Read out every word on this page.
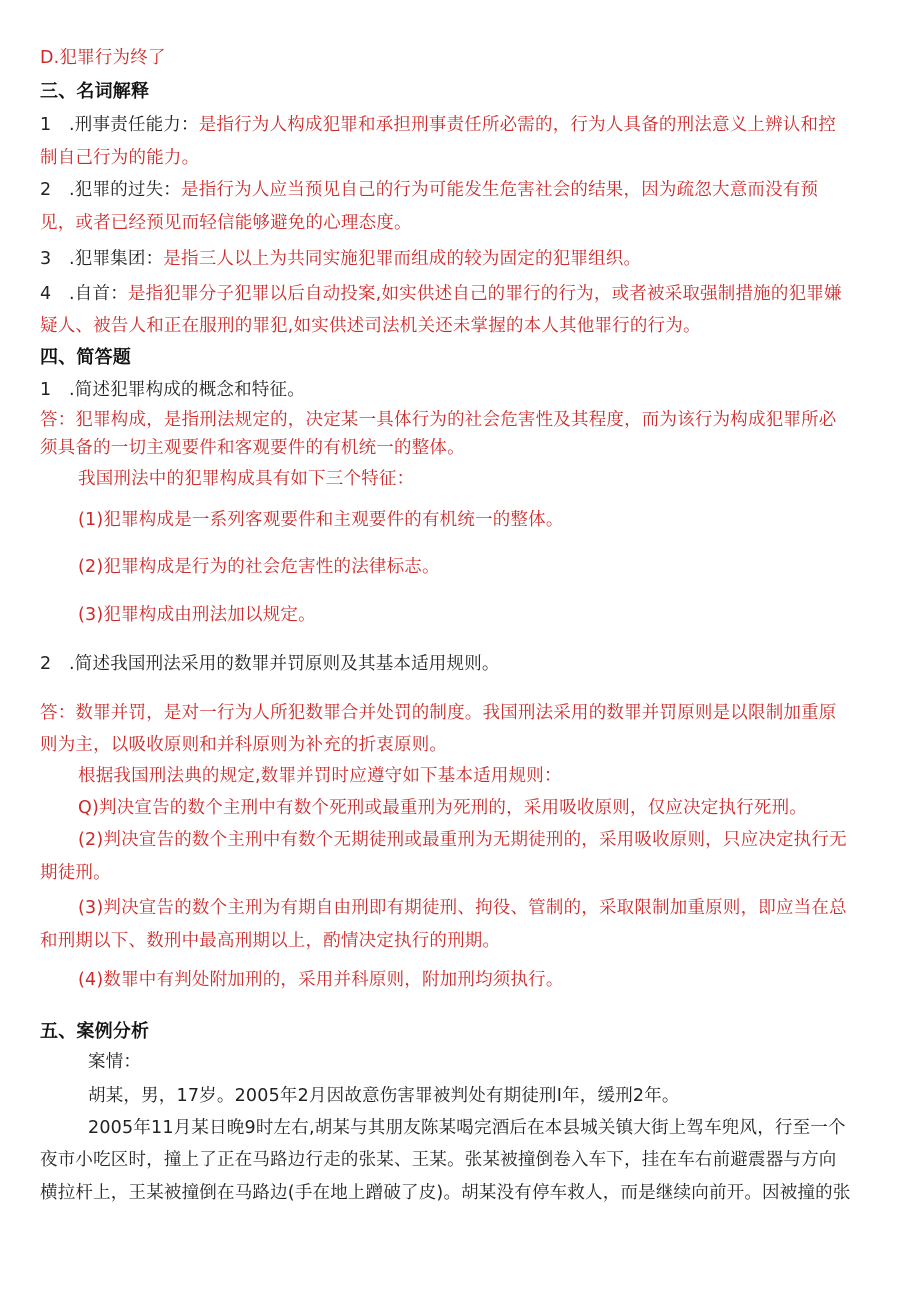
D.犯罪行为终了
三、名词解释
1　.刑事责任能力：是指行为人构成犯罪和承担刑事责任所必需的，行为人具备的刑法意义上辨认和控
制自己行为的能力。
2　.犯罪的过失：是指行为人应当预见自己的行为可能发生危害社会的结果，因为疏忽大意而没有预
见，或者已经预见而轻信能够避免的心理态度。
3　.犯罪集团：是指三人以上为共同实施犯罪而组成的较为固定的犯罪组织。
4　.自首：是指犯罪分子犯罪以后自动投案,如实供述自己的罪行的行为，或者被采取强制措施的犯罪嫌
疑人、被告人和正在服刑的罪犯,如实供述司法机关还未掌握的本人其他罪行的行为。
四、简答题
1　.简述犯罪构成的概念和特征。
答：犯罪构成，是指刑法规定的，决定某一具体行为的社会危害性及其程度，而为该行为构成犯罪所必
须具备的一切主观要件和客观要件的有机统一的整体。
我国刑法中的犯罪构成具有如下三个特征：
(1)犯罪构成是一系列客观要件和主观要件的有机统一的整体。
(2)犯罪构成是行为的社会危害性的法律标志。
(3)犯罪构成由刑法加以规定。
2　.简述我国刑法采用的数罪并罚原则及其基本适用规则。
答：数罪并罚，是对一行为人所犯数罪合并处罚的制度。我国刑法采用的数罪并罚原则是以限制加重原
则为主，以吸收原则和并科原则为补充的折衷原则。
根据我国刑法典的规定,数罪并罚时应遵守如下基本适用规则：
Q)判决宣告的数个主刑中有数个死刑或最重刑为死刑的，采用吸收原则，仅应决定执行死刑。
(2)判决宣告的数个主刑中有数个无期徒刑或最重刑为无期徒刑的，采用吸收原则，只应决定执行无
期徒刑。
(3)判决宣告的数个主刑为有期自由刑即有期徒刑、拘役、管制的，采取限制加重原则，即应当在总
和刑期以下、数刑中最高刑期以上，酌情决定执行的刑期。
(4)数罪中有判处附加刑的，采用并科原则，附加刑均须执行。
五、案例分析
案情：
胡某，男，17岁。2005年2月因故意伤害罪被判处有期徒刑I年，缓刑2年。
2005年11月某日晚9时左右,胡某与其朋友陈某喝完酒后在本县城关镇大街上驾车兜风，行至一个
夜市小吃区时，撞上了正在马路边行走的张某、王某。张某被撞倒卷入车下，挂在车右前避震器与方向
横拉杆上，王某被撞倒在马路边(手在地上蹭破了皮)。胡某没有停车救人，而是继续向前开。因被撞的张
